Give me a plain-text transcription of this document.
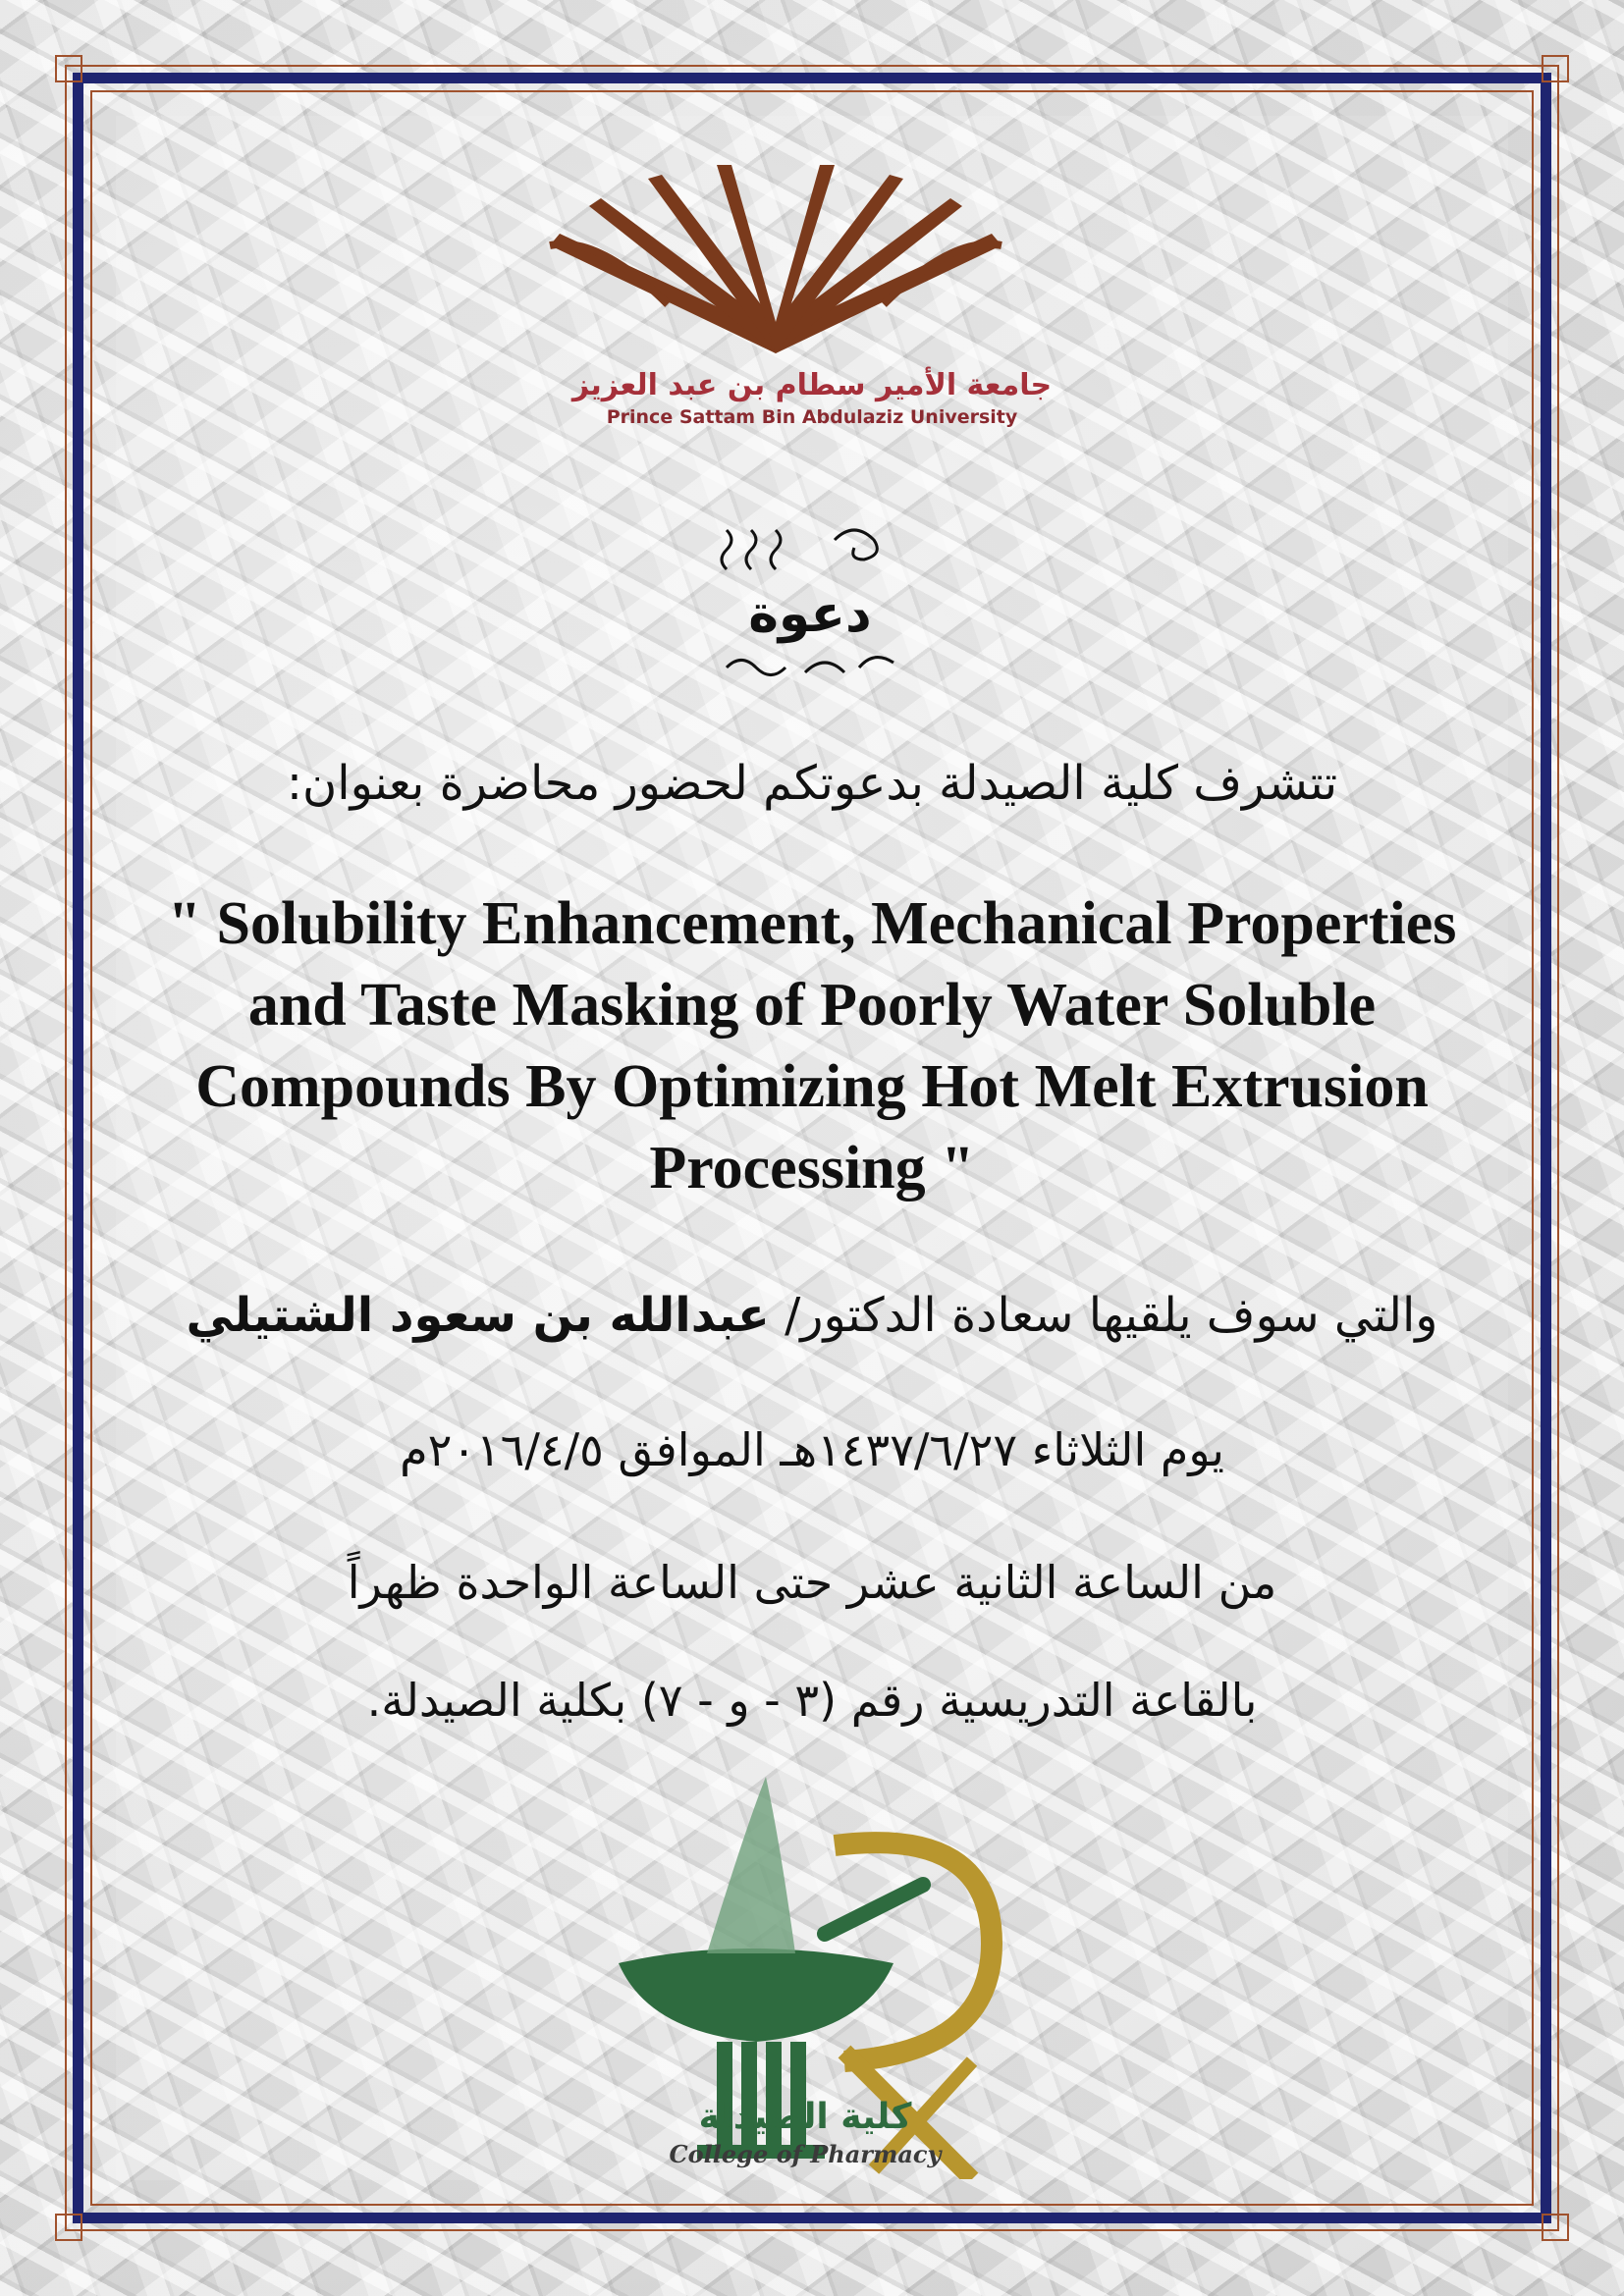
جامعة الأمير سطام بن عبد العزيز
Prince Sattam Bin Abdulaziz University
دعوة
تتشرف كلية الصيدلة بدعوتكم لحضور محاضرة بعنوان:
" Solubility Enhancement, Mechanical Properties and Taste Masking of Poorly Water Soluble Compounds By Optimizing Hot Melt Extrusion Processing "
والتي سوف يلقيها سعادة الدكتور/ عبدالله بن سعود الشتيلي
يوم الثلاثاء ١٤٣٧/٦/٢٧هـ الموافق ٢٠١٦/٤/٥م
من الساعة الثانية عشر حتى الساعة الواحدة ظهراً
بالقاعة التدريسية رقم (٣ - و - ٧) بكلية الصيدلة.
كلية الصيدلة
College of Pharmacy
